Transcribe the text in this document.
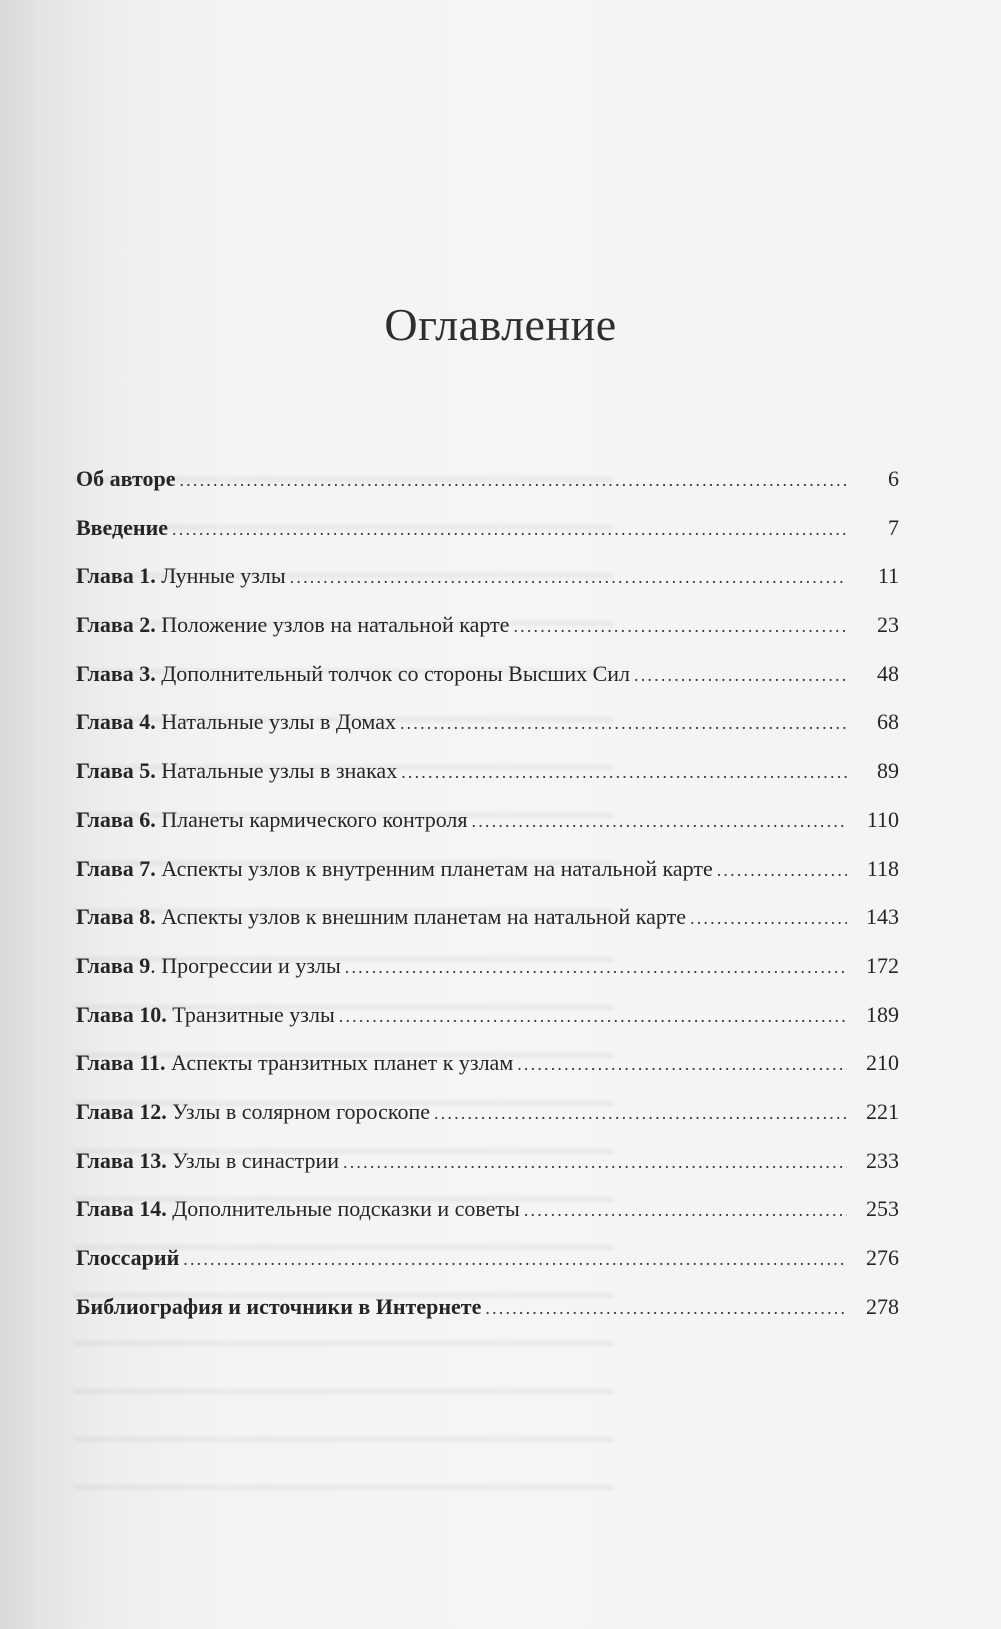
Оглавление
Об авторе .....	6
Введение .....	7
Глава 1. Лунные узлы .....	11
Глава 2. Положение узлов на натальной карте .....	23
Глава 3. Дополнительный толчок со стороны Высших Сил .....	48
Глава 4. Натальные узлы в Домах .....	68
Глава 5. Натальные узлы в знаках .....	89
Глава 6. Планеты кармического контроля .....	110
Глава 7. Аспекты узлов к внутренним планетам на натальной карте .....	118
Глава 8. Аспекты узлов к внешним планетам на натальной карте .....	143
Глава 9. Прогрессии и узлы .....	172
Глава 10. Транзитные узлы .....	189
Глава 11. Аспекты транзитных планет к узлам .....	210
Глава 12. Узлы в солярном гороскопе .....	221
Глава 13. Узлы в синастрии .....	233
Глава 14. Дополнительные подсказки и советы .....	253
Глоссарий .....	276
Библиография и источники в Интернете .....	278
